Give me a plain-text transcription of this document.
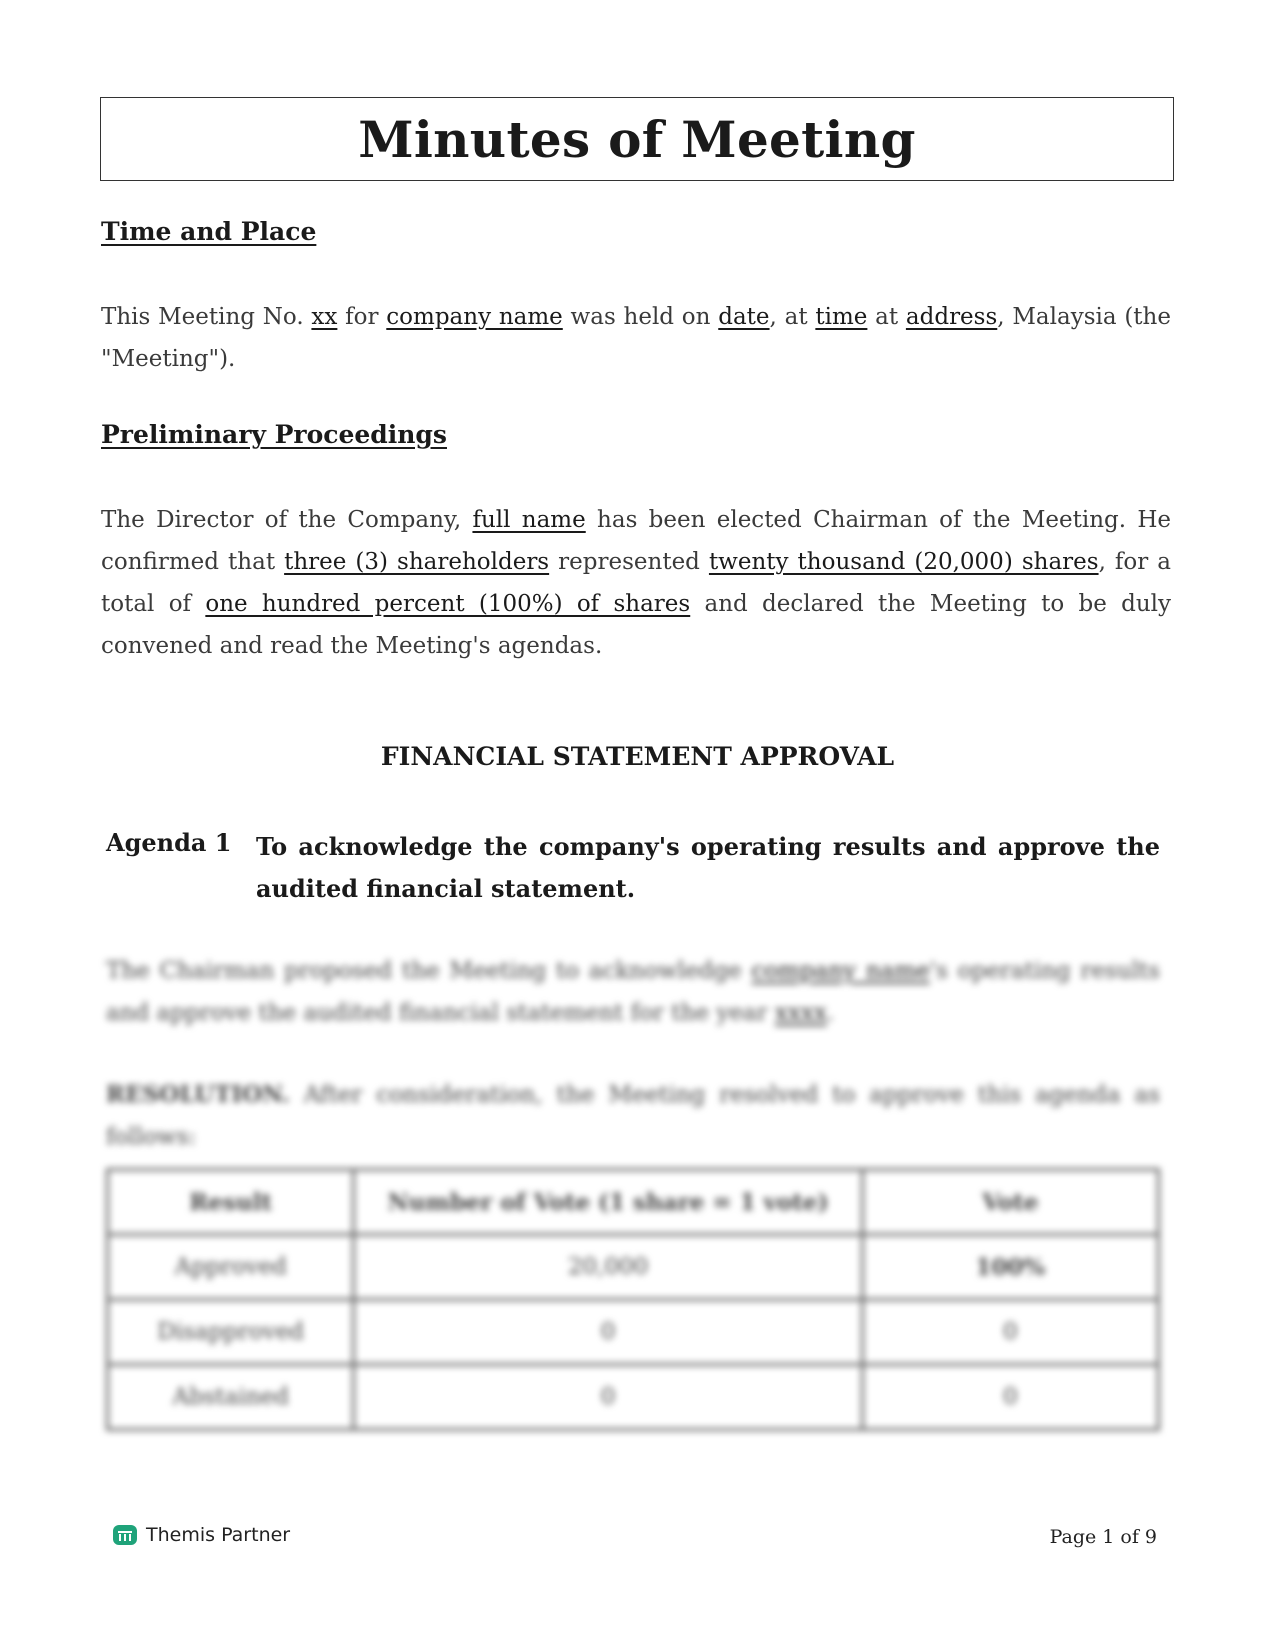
Minutes of Meeting
Time and Place

This Meeting No. xx for company name was held on date, at time at address, Malaysia (the "Meeting").

Preliminary Proceedings

The Director of the Company, full name has been elected Chairman of the Meeting. He confirmed that three (3) shareholders represented twenty thousand (20,000) shares, for a total of one hundred percent (100%) of shares and declared the Meeting to be duly convened and read the Meeting's agendas.

FINANCIAL STATEMENT APPROVAL

Agenda 1 To acknowledge the company's operating results and approve the audited financial statement.

The Chairman proposed the Meeting to acknowledge company name's operating results and approve the audited financial statement for the year xxxx.

RESOLUTION. After consideration, the Meeting resolved to approve this agenda as follows:

Result	Number of Vote (1 share = 1 vote)	Vote
Approved	20,000	100%
Disapproved	0	0
Abstained	0	0
Themis Partner	Page 1 of 9
